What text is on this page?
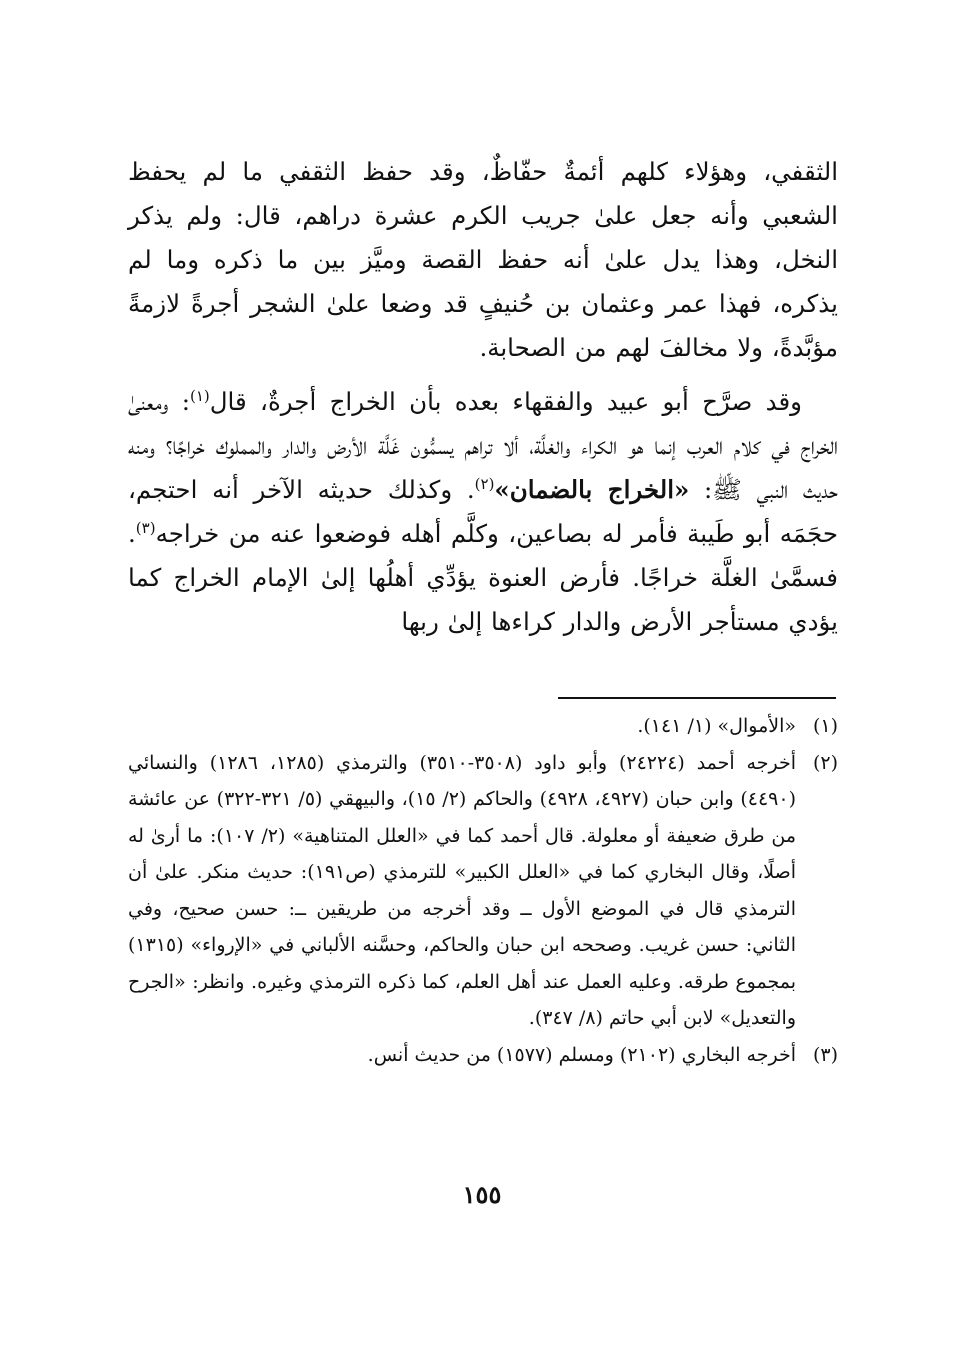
الثقفي، وهؤلاء كلهم أئمةٌ حفّاظٌ، وقد حفظ الثقفي ما لم يحفظ الشعبي وأنه جعل علىٰ جريب الكرم عشرة دراهم، قال: ولم يذكر النخل، وهذا يدل علىٰ أنه حفظ القصة وميَّز بين ما ذكره وما لم يذكره، فهذا عمر وعثمان بن حُنيفٍ قد وضعا علىٰ الشجر أجرةً لازمةً مؤبَّدةً، ولا مخالفَ لهم من الصحابة.

وقد صرَّح أبو عبيد والفقهاء بعده بأن الخراج أجرةٌ، قال$^{(١)}$: ومعنىٰ الخراج في كلام العرب إنما هو الكراء والغلَّة، ألا تراهم يسمُّون غَلَّة الأرض والدار والمملوك خراجًا؟ ومنه حديث النبي ﷺ: «الخراج بالضمان»$^{(٢)}$. وكذلك حديثه الآخر أنه احتجم، حجَمَه أبو طَيبة فأمر له بصاعين، وكلَّم أهله فوضعوا عنه من خراجه$^{(٣)}$. فسمَّىٰ الغلَّة خراجًا. فأرض العنوة يؤدِّي أهلُها إلىٰ الإمام الخراج كما يؤدي مستأجر الأرض والدار كراءها إلىٰ ربها

(١)
«الأموال» (١/ ١٤١).
(٢)
أخرجه أحمد (٢٤٢٢٤) وأبو داود (٣٥٠٨-٣٥١٠) والترمذي (١٢٨٥، ١٢٨٦) والنسائي (٤٤٩٠) وابن حبان (٤٩٢٧، ٤٩٢٨) والحاكم (٢/ ١٥)، والبيهقي (٥/ ٣٢١-٣٢٢) عن عائشة من طرق ضعيفة أو معلولة. قال أحمد كما في «العلل المتناهية» (٢/ ١٠٧): ما أرىٰ له أصلًا، وقال البخاري كما في «العلل الكبير» للترمذي (ص١٩١): حديث منكر. علىٰ أن الترمذي قال في الموضع الأول ــ وقد أخرجه من طريقين ــ: حسن صحيح، وفي الثاني: حسن غريب. وصححه ابن حبان والحاكم، وحسَّنه الألباني في «الإرواء» (١٣١٥) بمجموع طرقه. وعليه العمل عند أهل العلم، كما ذكره الترمذي وغيره. وانظر: «الجرح والتعديل» لابن أبي حاتم (٨/ ٣٤٧).
(٣)
أخرجه البخاري (٢١٠٢) ومسلم (١٥٧٧) من حديث أنس.
١٥٥
